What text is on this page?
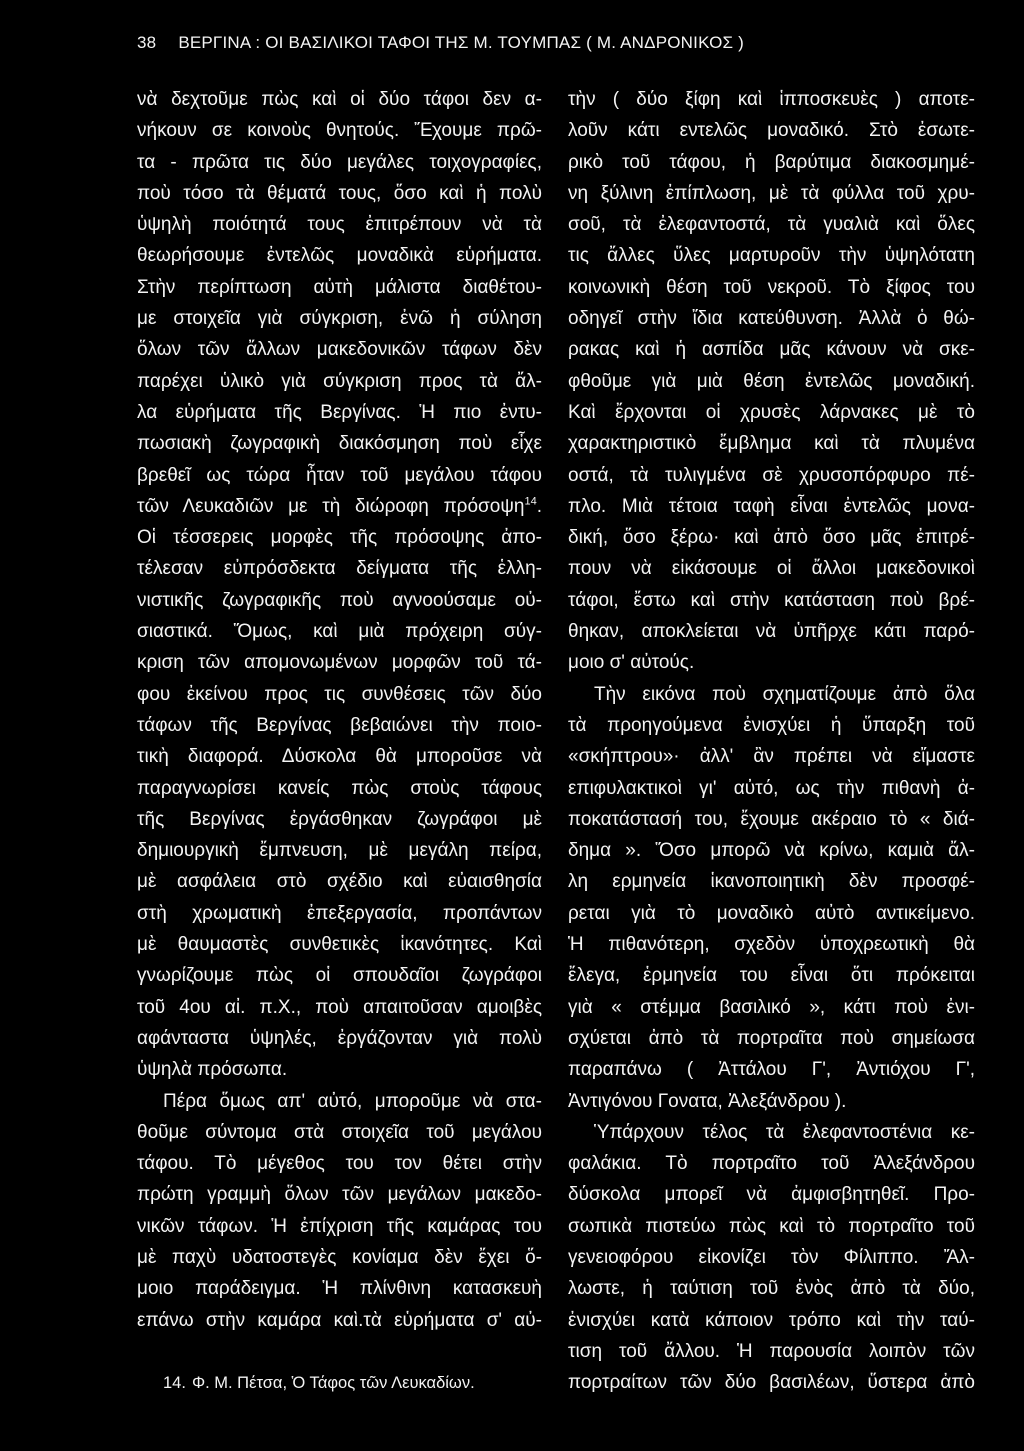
38 ΒΕΡΓΙΝΑ : ΟΙ ΒΑΣΙΛΙΚΟΙ ΤΑΦΟΙ ΤΗΣ Μ. ΤΟΥΜΠΑΣ ( Μ. ΑΝΔΡΟΝΙΚΟΣ )
νὰ δεχτοῦμε πὼς καὶ οἱ δύο τάφοι δεν α-
νήκουν σε κοινοὺς θνητούς. Ἔχουμε πρῶ-
τα - πρῶτα τις δύο μεγάλες τοιχογραφίες,
ποὺ τόσο τὰ θέματά τους, ὅσο καὶ ἡ πολὺ
ὑψηλὴ ποιότητά τους ἐπιτρέπουν νὰ τὰ
θεωρήσουμε ἐντελῶς μοναδικὰ εὑρήματα.
Στὴν περίπτωση αὐτὴ μάλιστα διαθέτου-
με στοιχεῖα γιὰ σύγκριση, ἐνῶ ἡ σύληση
ὅλων τῶν ἄλλων μακεδονικῶν τάφων δὲν
παρέχει ὑλικὸ γιὰ σύγκριση προς τὰ ἄλ-
λα εὑρήματα τῆς Βεργίνας. Ἡ πιο ἐντυ-
πωσιακὴ ζωγραφικὴ διακόσμηση ποὺ εἶχε
βρεθεῖ ως τώρα ἦταν τοῦ μεγάλου τάφου
τῶν Λευκαδιῶν με τὴ διώροφη πρόσοψη$^{14}$.
Οἱ τέσσερεις μορφὲς τῆς πρόσοψης ἀπο-
τέλεσαν εὐπρόσδεκτα δείγματα τῆς ἑλλη-
νιστικῆς ζωγραφικῆς ποὺ αγνοούσαμε οὐ-
σιαστικά. Ὅμως, καὶ μιὰ πρόχειρη σύγ-
κριση τῶν απομονωμένων μορφῶν τοῦ τά-
φου ἐκείνου προς τις συνθέσεις τῶν δύο
τάφων τῆς Βεργίνας βεβαιώνει τὴν ποιο-
τικὴ διαφορά. Δύσκολα θὰ μποροῦσε νὰ
παραγνωρίσει κανείς πὼς στοὺς τάφους
τῆς Βεργίνας ἐργάσθηκαν ζωγράφοι μὲ
δημιουργικὴ ἔμπνευση, μὲ μεγάλη πείρα,
μὲ ασφάλεια στὸ σχέδιο καὶ εὐαισθησία
στὴ χρωματικὴ ἐπεξεργασία, προπάντων
μὲ θαυμαστὲς συνθετικὲς ἱκανότητες. Καὶ
γνωρίζουμε πὼς οἱ σπουδαῖοι ζωγράφοι
τοῦ 4ου αἰ. π.Χ., ποὺ απαιτοῦσαν αμοιβὲς
αφάνταστα ὑψηλές, ἐργάζονταν γιὰ πολὺ
ὑψηλὰ πρόσωπα.
Πέρα ὅμως απ' αὐτό, μποροῦμε νὰ στα-
θοῦμε σύντομα στὰ στοιχεῖα τοῦ μεγάλου
τάφου. Τὸ μέγεθος του τον θέτει στὴν
πρώτη γραμμὴ ὅλων τῶν μεγάλων μακεδο-
νικῶν τάφων. Ἡ ἐπίχριση τῆς καμάρας του
μὲ παχὺ υδατοστεγὲς κονίαμα δὲν ἔχει ὅ-
μοιο παράδειγμα. Ἡ πλίνθινη κατασκευὴ
επάνω στὴν καμάρα καὶ.τὰ εὑρήματα σ' αὐ-
τὴν ( δύο ξίφη καὶ ἱπποσκευὲς ) αποτε-
λοῦν κάτι εντελῶς μοναδικό. Στὸ ἐσωτε-
ρικὸ τοῦ τάφου, ἡ βαρύτιμα διακοσμημέ-
νη ξύλινη ἐπίπλωση, μὲ τὰ φύλλα τοῦ χρυ-
σοῦ, τὰ ἐλεφαντοστά, τὰ γυαλιὰ καὶ ὅλες
τις ἄλλες ὕλες μαρτυροῦν τὴν ὑψηλότατη
κοινωνικὴ θέση τοῦ νεκροῦ. Τὸ ξίφος του
οδηγεῖ στὴν ἴδια κατεύθυνση. Ἀλλὰ ὁ θώ-
ρακας καὶ ἡ ασπίδα μᾶς κάνουν νὰ σκε-
φθοῦμε γιὰ μιὰ θέση ἐντελῶς μοναδική.
Καὶ ἔρχονται οἱ χρυσὲς λάρνακες μὲ τὸ
χαρακτηριστικὸ ἔμβλημα καὶ τὰ πλυμένα
οστά, τὰ τυλιγμένα σὲ χρυσοπόρφυρο πέ-
πλο. Μιὰ τέτοια ταφὴ εἶναι ἐντελῶς μονα-
δική, ὅσο ξέρω· καὶ ἀπὸ ὅσο μᾶς ἐπιτρέ-
πουν νὰ εἰκάσουμε οἱ ἄλλοι μακεδονικοὶ
τάφοι, ἔστω καὶ στὴν κατάσταση ποὺ βρέ-
θηκαν, αποκλείεται νὰ ὑπῆρχε κάτι παρό-
μοιο σ' αὐτούς.
Τὴν εικόνα ποὺ σχηματίζουμε ἀπὸ ὅλα
τὰ προηγούμενα ἐνισχύει ἡ ὕπαρξη τοῦ
«σκήπτρου»· ἀλλ' ἂν πρέπει νὰ εἴμαστε
επιφυλακτικοὶ γι' αὐτό, ως τὴν πιθανὴ ἀ-
ποκατάστασή του, ἔχουμε ακέραιο τὸ « διά-
δημα ». Ὅσο μπορῶ νὰ κρίνω, καμιὰ ἄλ-
λη ερμηνεία ἱκανοποιητικὴ δὲν προσφέ-
ρεται γιὰ τὸ μοναδικὸ αὐτὸ αντικείμενο.
Ἡ πιθανότερη, σχεδὸν ὑποχρεωτικὴ θὰ
ἔλεγα, ἑρμηνεία του εἶναι ὅτι πρόκειται
γιὰ « στέμμα βασιλικό », κάτι ποὺ ἐνι-
σχύεται ἀπὸ τὰ πορτραῖτα ποὺ σημείωσα
παραπάνω ( Ἀττάλου Γ', Ἀντιόχου Γ',
Ἀντιγόνου Γονατα, Ἀλεξάνδρου ).
Ὑπάρχουν τέλος τὰ ἐλεφαντοστένια κε-
φαλάκια. Τὸ πορτραῖτο τοῦ Ἀλεξάνδρου
δύσκολα μπορεῖ νὰ ἀμφισβητηθεῖ. Προ-
σωπικὰ πιστεύω πὼς καὶ τὸ πορτραῖτο τοῦ
γενειοφόρου εἰκονίζει τὸν Φίλιππο. Ἄλ-
λωστε, ἡ ταύτιση τοῦ ἑνὸς ἀπὸ τὰ δύο,
ἐνισχύει κατὰ κάποιον τρόπο καὶ τὴν ταύ-
τιση τοῦ ἄλλου. Ἡ παρουσία λοιπὸν τῶν
πορτραίτων τῶν δύο βασιλέων, ὕστερα ἀπὸ
14. Φ. Μ. Πέτσα, Ὁ Τάφος τῶν Λευκαδίων.
